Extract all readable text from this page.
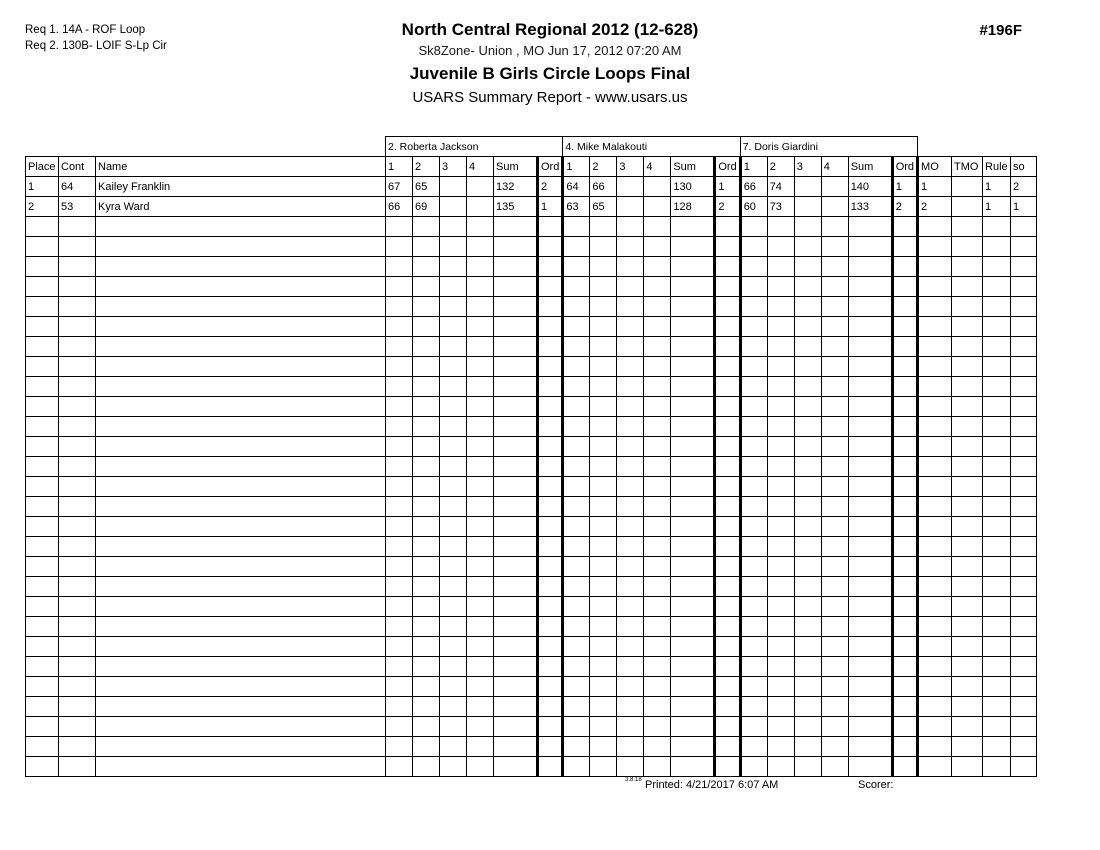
Req 1. 14A - ROF Loop
Req 2. 130B- LOIF S-Lp Cir
North Central Regional 2012 (12-628)
Sk8Zone- Union , MO Jun 17, 2012 07:20 AM
Juvenile B Girls Circle Loops Final
USARS Summary Report - www.usars.us
#196F
			2. Roberta Jackson						4. Mike Malakouti						7. Doris Giardini									
Place	Cont	Name	1	2	3	4	Sum	Ord	1	2	3	4	Sum	Ord	1	2	3	4	Sum	Ord	MO	TMO	Rule	so
1	64	Kailey Franklin	67	65			132	2	64	66			130	1	66	74			140	1	1		1	2
2	53	Kyra Ward	66	69			135	1	63	65			128	2	60	73			133	2	2		1	1

3.8.18 Printed: 4/21/2017 6:07 AM	Scorer:
